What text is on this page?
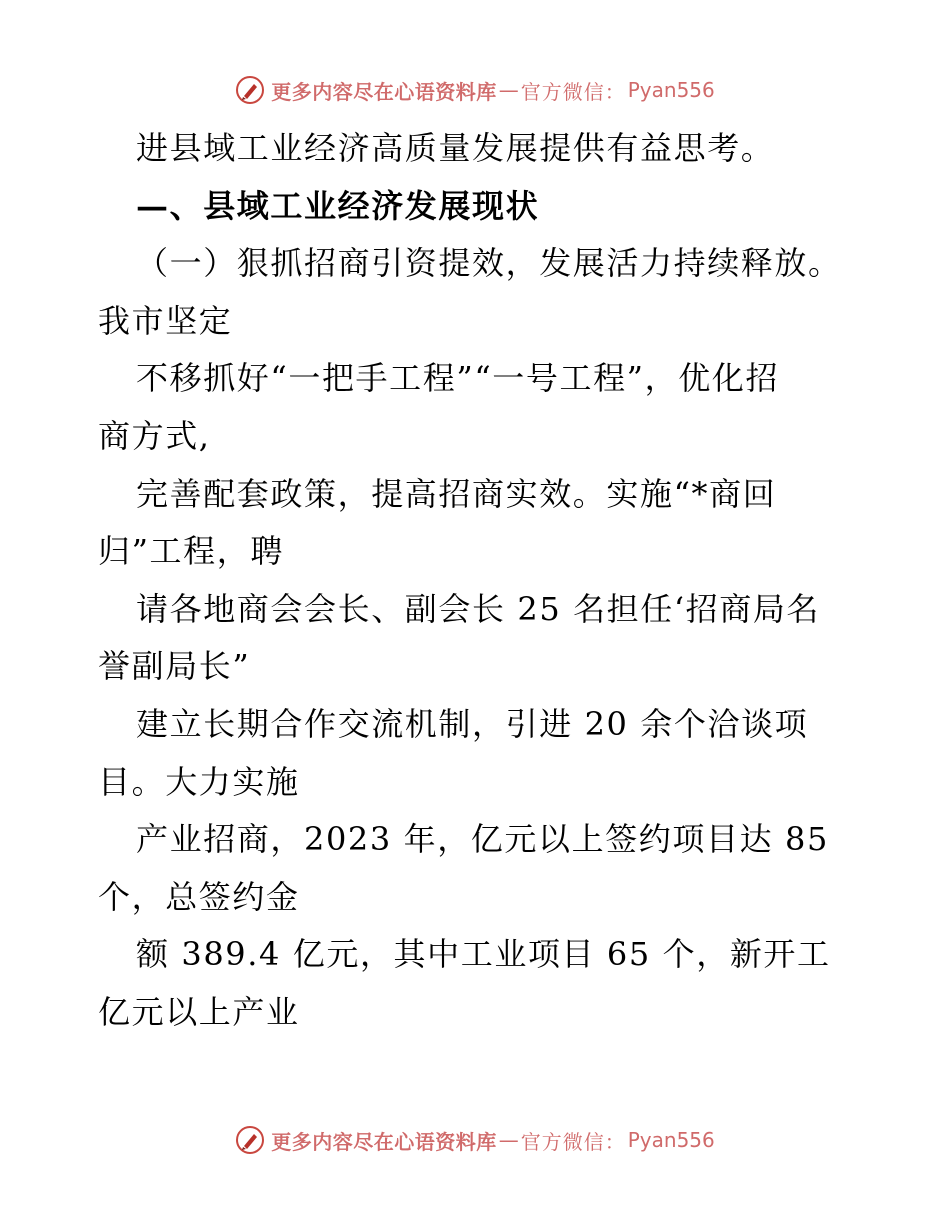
更多内容尽在心语资料库 — 官方微信： Pyan556
进县域工业经济高质量发展提供有益思考。
—、县域工业经济发展现状
（一）狠抓招商引资提效，发展活力持续释放。
我市坚定
不移抓好“一把手工程”“一号工程”，优化招
商方式,
完善配套政策，提高招商实效。实施“*商回
归”工程，聘
请各地商会会长、副会长 25 名担任‘招商局名
誉副局长”
建立长期合作交流机制，引进 20 余个洽谈项
目。大力实施
产业招商，2023 年，亿元以上签约项目达 85
个，总签约金
额 389.4 亿元，其中工业项目 65 个，新开工
亿元以上产业
更多内容尽在心语资料库 — 官方微信： Pyan556
